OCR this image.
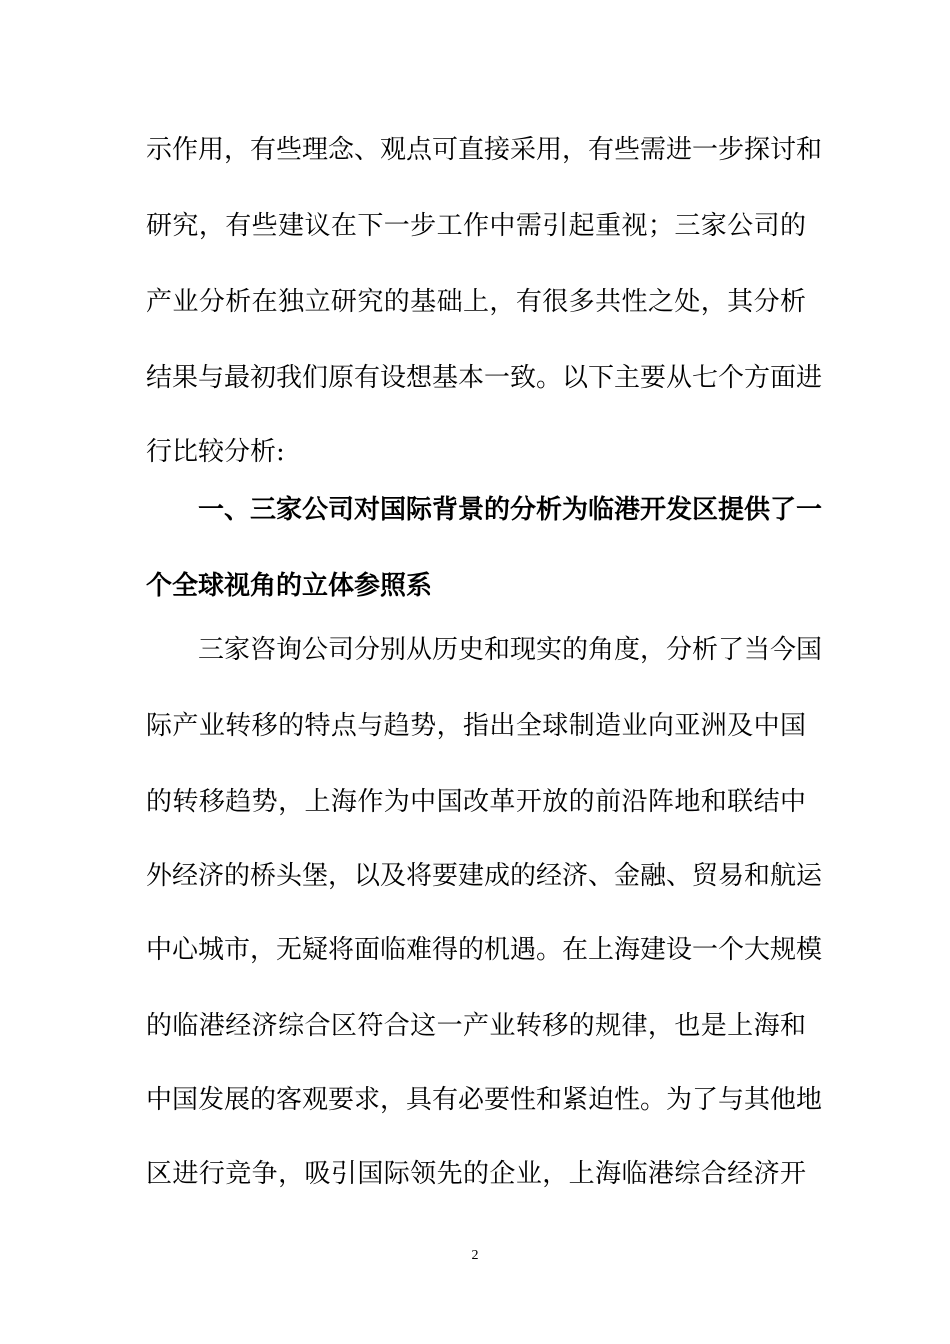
示作用，有些理念、观点可直接采用，有些需进一步探讨和
研究，有些建议在下一步工作中需引起重视；三家公司的
产业分析在独立研究的基础上，有很多共性之处，其分析
结果与最初我们原有设想基本一致。以下主要从七个方面进
行比较分析:
一、三家公司对国际背景的分析为临港开发区提供了一
个全球视角的立体参照系
三家咨询公司分别从历史和现实的角度，分析了当今国
际产业转移的特点与趋势，指出全球制造业向亚洲及中国
的转移趋势，上海作为中国改革开放的前沿阵地和联结中
外经济的桥头堡，以及将要建成的经济、金融、贸易和航运
中心城市，无疑将面临难得的机遇。在上海建设一个大规模
的临港经济综合区符合这一产业转移的规律，也是上海和
中国发展的客观要求，具有必要性和紧迫性。为了与其他地
区进行竞争，吸引国际领先的企业，上海临港综合经济开
2
